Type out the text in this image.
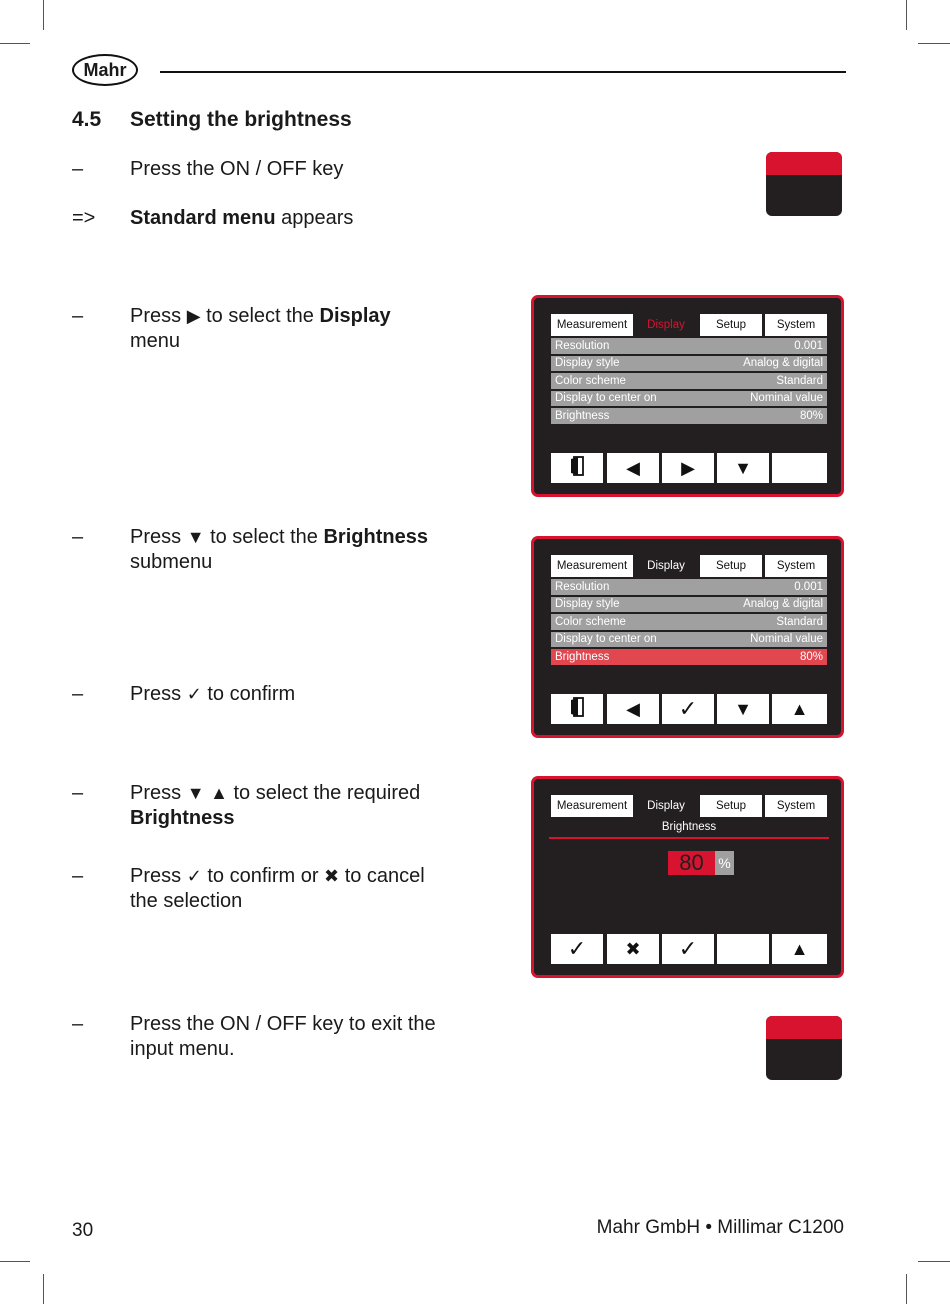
Mahr
4.5 Setting the brightness
– Press the ON / OFF key
=> Standard menu appears
– Press ▶ to select the Display
menu
– Press ▼ to select the Brightness
submenu
– Press ✓ to confirm
– Press ▼ ▲ to select the required
Brightness
– Press ✓ to confirm or ✖ to cancel
the selection
– Press the ON / OFF key to exit the
input menu.
Measurement	Display	Setup	System
Resolution	0.001
Display style	Analog & digital
Color scheme	Standard
Display to center on	Nominal value
Brightness	80%
◀ ▶ ▼
Measurement	Display	Setup	System
Resolution	0.001
Display style	Analog & digital
Color scheme	Standard
Display to center on	Nominal value
Brightness	80%
◀ ✓ ▼ ▲
Measurement	Display	Setup	System
Brightness
80	%
✓ ✖ ✓	▲
30	Mahr GmbH • Millimar C1200
